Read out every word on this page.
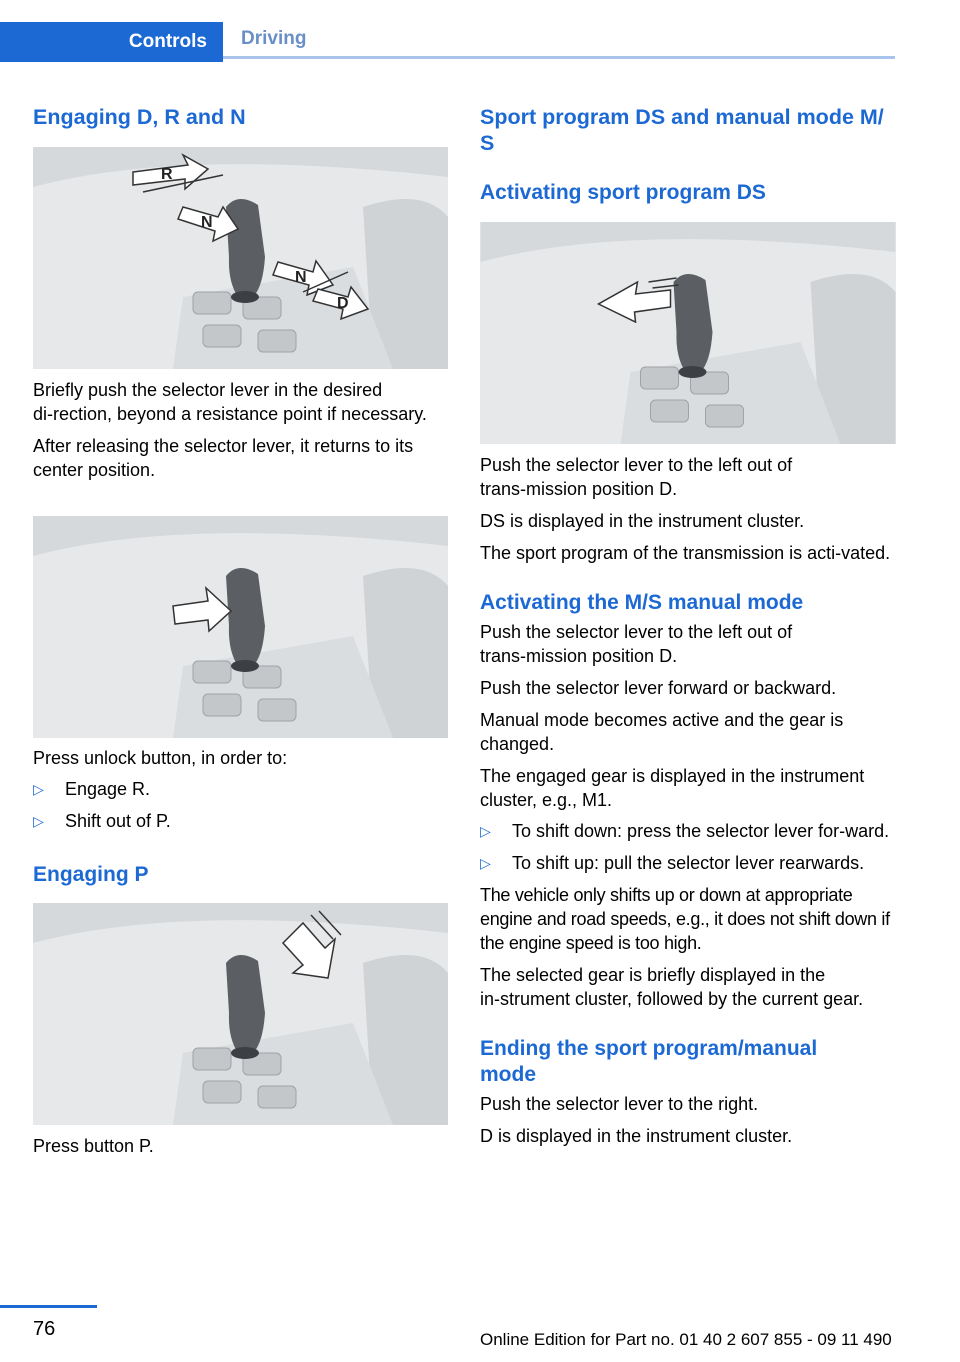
Controls	Driving
Engaging D, R and N
R
N
N
D

Briefly push the selector lever in the desired di‑rection, beyond a resistance point if necessary.

After releasing the selector lever, it returns to its center position.

Press unlock button, in order to:

▷ Engage R.
▷ Shift out of P.
Engaging P

Press button P.

Sport program DS and manual mode M/ S
Activating sport program DS

Push the selector lever to the left out of trans‑mission position D.

DS is displayed in the instrument cluster.

The sport program of the transmission is acti‑vated.

Activating the M/S manual mode

Push the selector lever to the left out of trans‑mission position D.

Push the selector lever forward or backward.

Manual mode becomes active and the gear is changed.

The engaged gear is displayed in the instrument cluster, e.g., M1.

▷ To shift down: press the selector lever for‑ward.
▷ To shift up: pull the selector lever rearwards.

The vehicle only shifts up or down at appropriate engine and road speeds, e.g., it does not shift down if the engine speed is too high.

The selected gear is briefly displayed in the in‑strument cluster, followed by the current gear.

Ending the sport program/manual mode

Push the selector lever to the right.

D is displayed in the instrument cluster.

76	Online Edition for Part no. 01 40 2 607 855 - 09 11 490
